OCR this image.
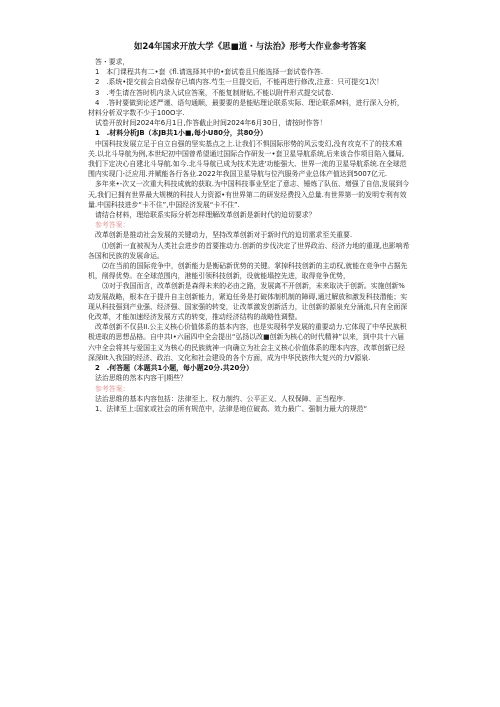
如24年国求开放大学《思■道・与法治》形考大作业参考答案

答・要求，

1　本门课程共有二•套《fl.请选择其中的•套试卷且只能选择一套试卷作答.

2　.系统•提交前会自动保存已填内容.芍生一旦提交后，不能再进行修改,注意：只可提交1次！

3　.考生请在答时机内录入试应答案，不能复制财贴,不能以附件形式提交试卷.

4　.答时要做到论述严谨、语句通顺，最要要的是能贴理论联系实际、理论联系M料，进行深入分析，材料分析双字数不少于100O字.

试卷开放时间2024年6月1日,作答截止时间2024年6月30日，请按时作答！

1　.材料分析JB（本JB共1小■,每小U80分，共80分）

中国科技发展立足于自立自强的坚实基点之上.让我们不惧国际形势的风云变幻,没有攻克不了的技术难关.以北斗导航为例,本世纪初中国曾希望通过国际合作研发一•套卫星导航系统,后来该合作项目陷入僵局,我们下定决心自建北斗导航.如今.北斗导航已成为技术先进'功能强大、世界一流的卫星导航系统.在全球范围内实现门-泛应用.并赋能各行各业.2022年我国卫星导航与位汽服务产业总体产值达到5007亿元.

多年来•-次又一次重大科技成就的获取.为中国科技事业坚定了意志、锤炼了队伍、增强了自信,发展到今天,我们已拥有世界最大规模的科技人力资源•有世界第二的研发经费投入总量.有世界第一的发明专利有效量.中国科技进步“卡不住”,中国经济发展“卡不住”.

请结合材料，理给联系实际分析怎样理解改革创新是新时代的迫切要求？

参考答案：

改革创新是推动社会发展的关键动力，坚持改革创新对于新时代的迫切需求至关重要.

⑴创新一直被视为人类社会进步的首要推动力.创新的步伐决定了世界政治、经济力地的重现,也影响希各国和民族的发展命运。

⑵在当前的国际竞争中，创新能力是衡砧新优势的关键。掌掉科技创新的主动权,就能在竞争中占据先机，削得优势。在全球范围内，港能引领科技创新，设就能塌控先进，取得竞争优势，

⑶对于我国而言，改革创新是森得未来的必由之路，发展离不开创新，未来取决于创新。实施创新%动发展战略，根本在于提升自主创新能力，紧迫任务是打破体制机制的障碍,通过解放和激发科技潜能；实现从科技强到产业强、经济强、国家强的转变，让改革激发创新活力，让创新的源泉充分涌流,只有全面深化改革，才能加速经济发展方式的转变，推动经济结构的战略性调整。

改革创新不仅县II.公主义核心价值体系的基本内容，也是实现科学发展的重要动力.它体现了中华民族积极进取的思想品格。自中共I•六届四中全会提出“弘扬以改■创新为核心的时代精神”以来，到中共十六届六中全会将其与爱国主义为核心的民族就神一向确立为社会主义核心价值体系的理本内容，改革创新已经深深Ilt入我国的经济、政治、文化和社会建设的各个方面，成为中华民族伟大复兴的力V源泉.

2　.何答题（本题共1小题，每小题20分.共20分）

法治思维的然本内容干|期些？

参考答案：

法治思维的基本内容包括：法律至上、权力制约、公平正义、人权保障、正当程序.

1、法律至上:国家或社会的所有规范中，法律是地位破高、效力最广、强制力最大的规范“
